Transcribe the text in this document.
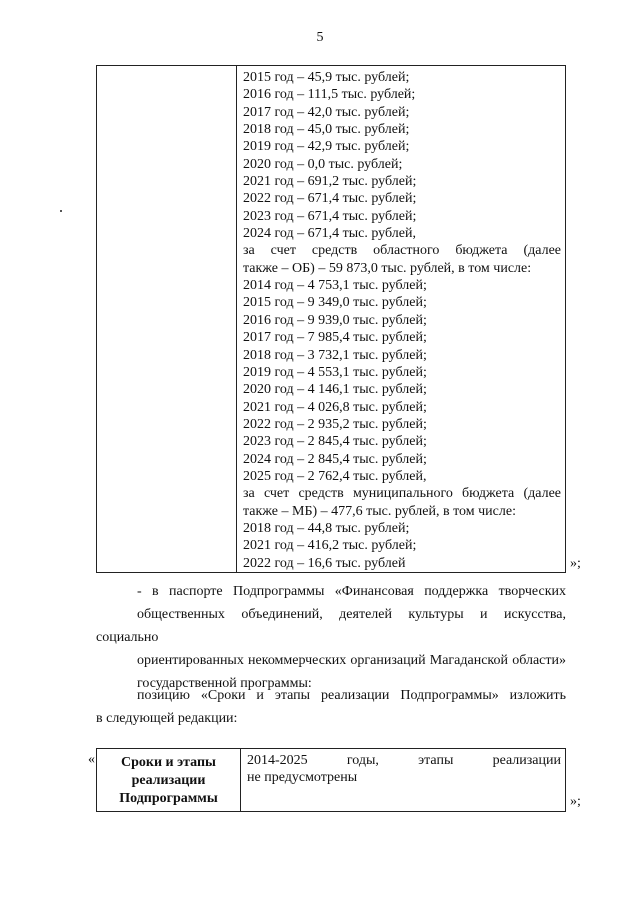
5
2015 год – 45,9 тыс. рублей;
2016 год – 111,5 тыс. рублей;
2017 год – 42,0 тыс. рублей;
2018 год – 45,0 тыс. рублей;
2019 год – 42,9 тыс. рублей;
2020 год – 0,0 тыс. рублей;
2021 год – 691,2 тыс. рублей;
2022 год – 671,4 тыс. рублей;
2023 год – 671,4 тыс. рублей;
2024 год – 671,4 тыс. рублей,
за счет средств областного бюджета (далее
также – ОБ) – 59 873,0 тыс. рублей, в том числе:
2014 год – 4 753,1 тыс. рублей;
2015 год – 9 349,0 тыс. рублей;
2016 год – 9 939,0 тыс. рублей;
2017 год – 7 985,4 тыс. рублей;
2018 год – 3 732,1 тыс. рублей;
2019 год – 4 553,1 тыс. рублей;
2020 год – 4 146,1 тыс. рублей;
2021 год – 4 026,8 тыс. рублей;
2022 год – 2 935,2 тыс. рублей;
2023 год – 2 845,4 тыс. рублей;
2024 год – 2 845,4 тыс. рублей;
2025 год – 2 762,4 тыс. рублей,
за счет средств муниципального бюджета (далее
также – МБ) – 477,6 тыс. рублей, в том числе:
2018 год – 44,8 тыс. рублей;
2021 год – 416,2 тыс. рублей;
2022 год – 16,6 тыс. рублей	»;
- в паспорте Подпрограммы «Финансовая поддержка творческих
общественных объединений, деятелей культуры и искусства, социально
ориентированных некоммерческих организаций Магаданской области»
государственной программы:
позицию «Сроки и этапы реализации Подпрограммы» изложить
в следующей редакции:
«	Сроки и этапы
реализации
Подпрограммы
2014-2025 годы, этапы реализации
не предусмотрены
»;
